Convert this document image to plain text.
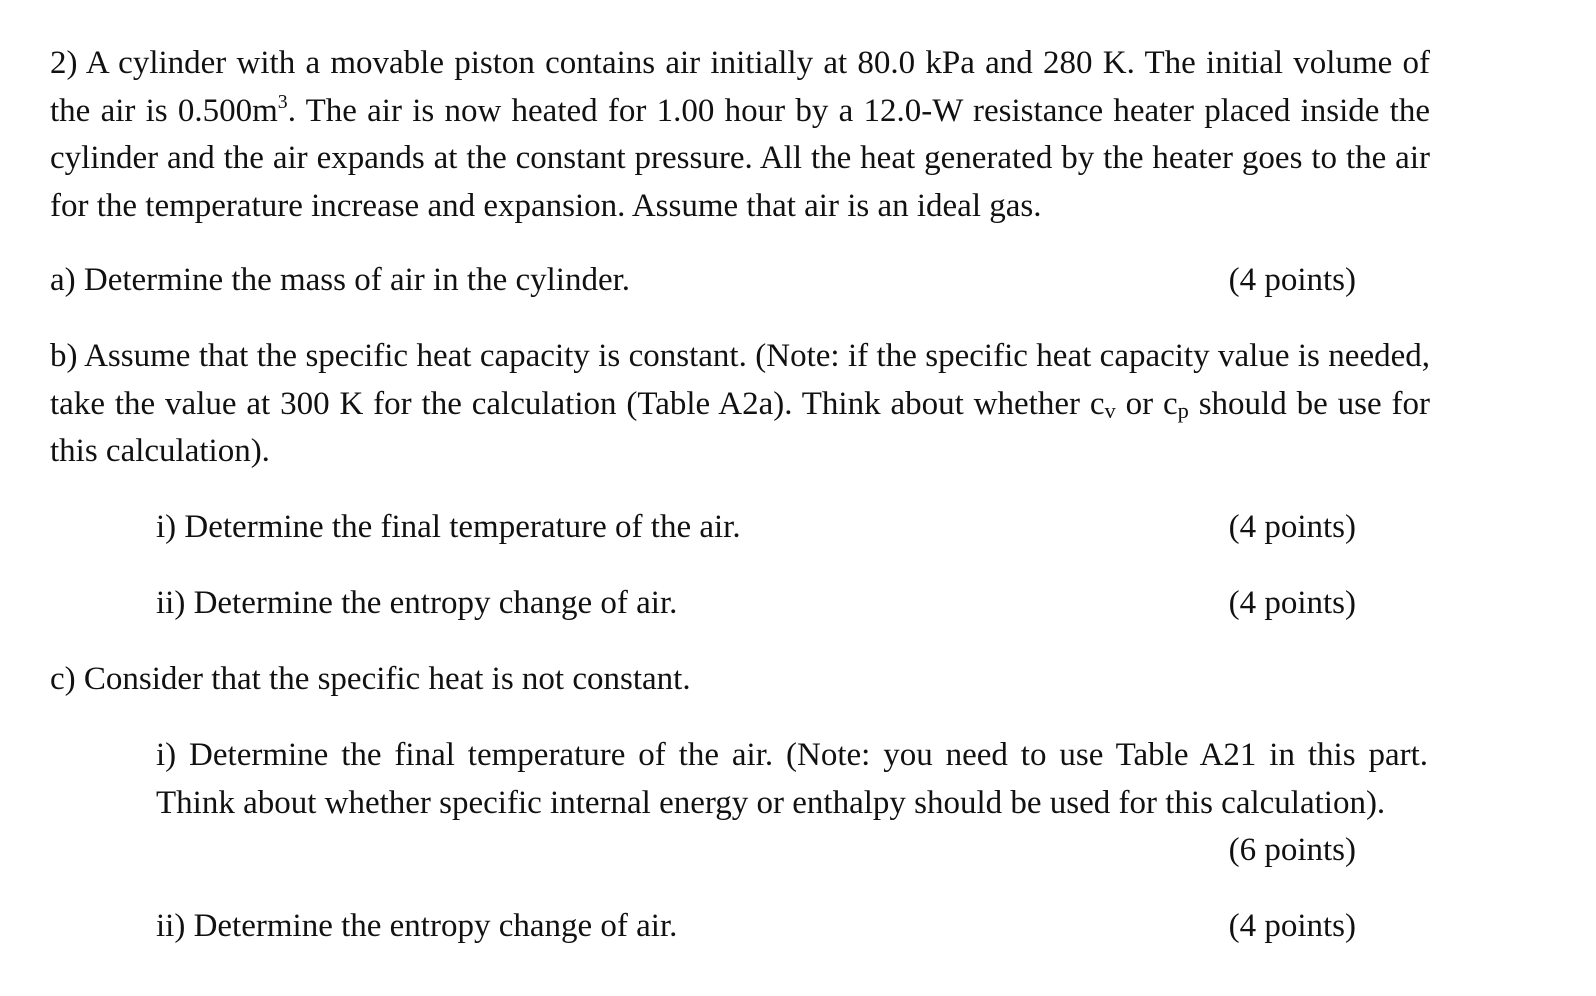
2) A cylinder with a movable piston contains air initially at 80.0 kPa and 280 K. The initial volume of the air is $0.500m^3$. The air is now heated for 1.00 hour by a 12.0-W resistance heater placed inside the cylinder and the air expands at the constant pressure. All the heat generated by the heater goes to the air for the temperature increase and expansion. Assume that air is an ideal gas.
a) Determine the mass of air in the cylinder.	(4 points)
b) Assume that the specific heat capacity is constant. (Note: if the specific heat capacity value is needed, take the value at 300 K for the calculation (Table A2a). Think about whether $c_v$ or $c_p$ should be use for this calculation).
i) Determine the final temperature of the air.	(4 points)
ii) Determine the entropy change of air.	(4 points)
c) Consider that the specific heat is not constant.
i) Determine the final temperature of the air. (Note: you need to use Table A21 in this part. Think about whether specific internal energy or enthalpy should be used for this calculation).
(6 points)
ii) Determine the entropy change of air.	(4 points)
